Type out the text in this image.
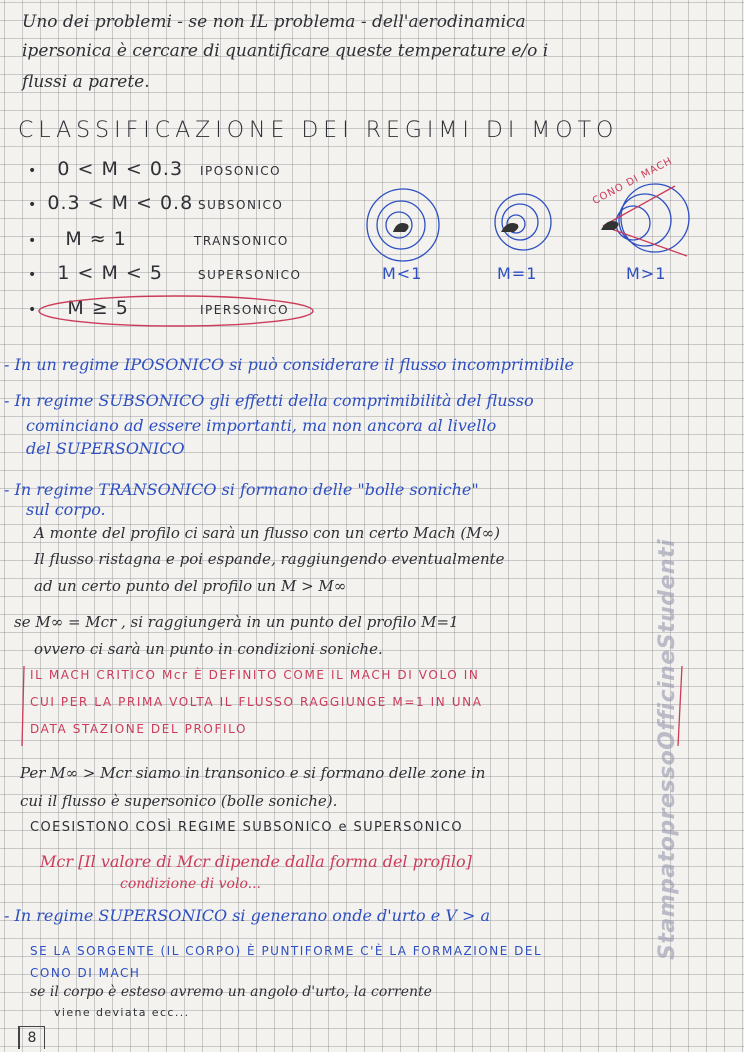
Uno dei problemi - se non IL problema - dell'aerodinamica
ipersonica è cercare di quantificare queste temperature e/o i
flussi a parete.
CLASSIFICAZIONE DEI REGIMI DI MOTO
• 0 < M < 0.3 IPOSONICO
• 0.3 < M < 0.8 SUBSONICO
• M ≈ 1	TRANSONICO
• 1 < M < 5	SUPERSONICO
• M ≥ 5	IPERSONICO
CONO DI MACH
M<1	M=1	M>1
- In un regime IPOSONICO si può considerare il flusso incomprimibile
- In regime SUBSONICO gli effetti della comprimibilità del flusso
cominciano ad essere importanti, ma non ancora al livello
del SUPERSONICO
- In regime TRANSONICO si formano delle "bolle soniche"
sul corpo.
A monte del profilo ci sarà un flusso con un certo Mach (M∞)
Il flusso ristagna e poi espande, raggiungendo eventualmente
ad un certo punto del profilo un M > M∞
se M∞ = Mcr , si raggiungerà in un punto del profilo M=1
ovvero ci sarà un punto in condizioni soniche.
IL MACH CRITICO Mcr È DEFINITO COME IL MACH DI VOLO IN
CUI PER LA PRIMA VOLTA IL FLUSSO RAGGIUNGE M=1 IN UNA
DATA STAZIONE DEL PROFILO
Per M∞ > Mcr siamo in transonico e si formano delle zone in
cui il flusso è supersonico (bolle soniche).
COESISTONO COSÌ REGIME SUBSONICO e SUPERSONICO
Mcr [Il valore di Mcr dipende dalla forma del profilo]
condizione di volo...
- In regime SUPERSONICO si generano onde d'urto e V > a
SE LA SORGENTE (IL CORPO) È PUNTIFORME C'È LA FORMAZIONE DEL
CONO DI MACH
se il corpo è esteso avremo un angolo d'urto, la corrente
viene deviata ecc...
StampatopressoOfficineStudenti
8
